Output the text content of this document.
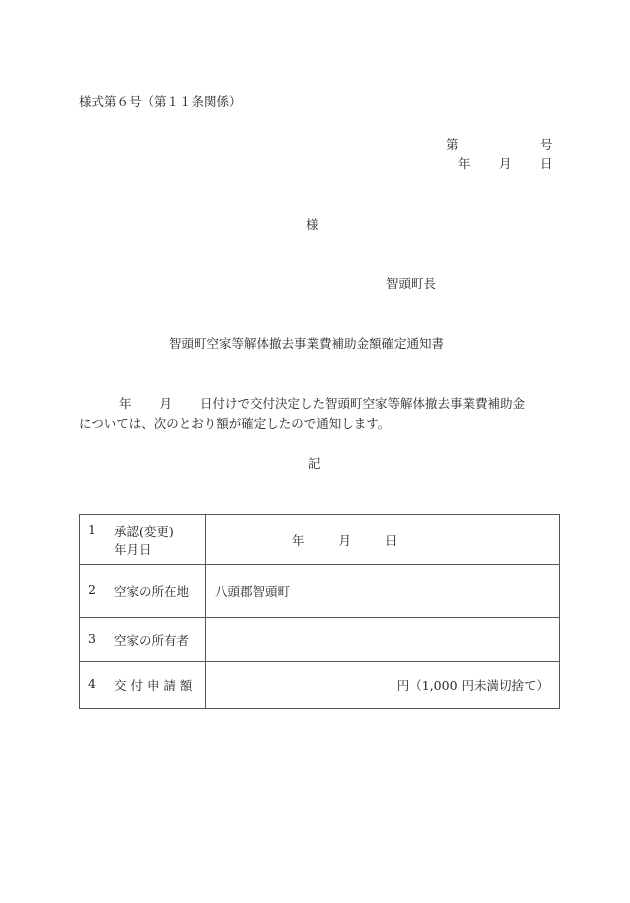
様式第６号（第１１条関係）
第	号
年 月 日
様
智頭町長
智頭町空家等解体撤去事業費補助金額確定通知書
年 月 日付けで交付決定した智頭町空家等解体撤去事業費補助金
については、次のとおり額が確定したので通知します。
記
1 承認(変更)
年月日	年 月 日
2 空家の所在地	八頭郡智頭町
3 空家の所有者	
4 交 付 申 請 額	円（1,000 円未満切捨て）
